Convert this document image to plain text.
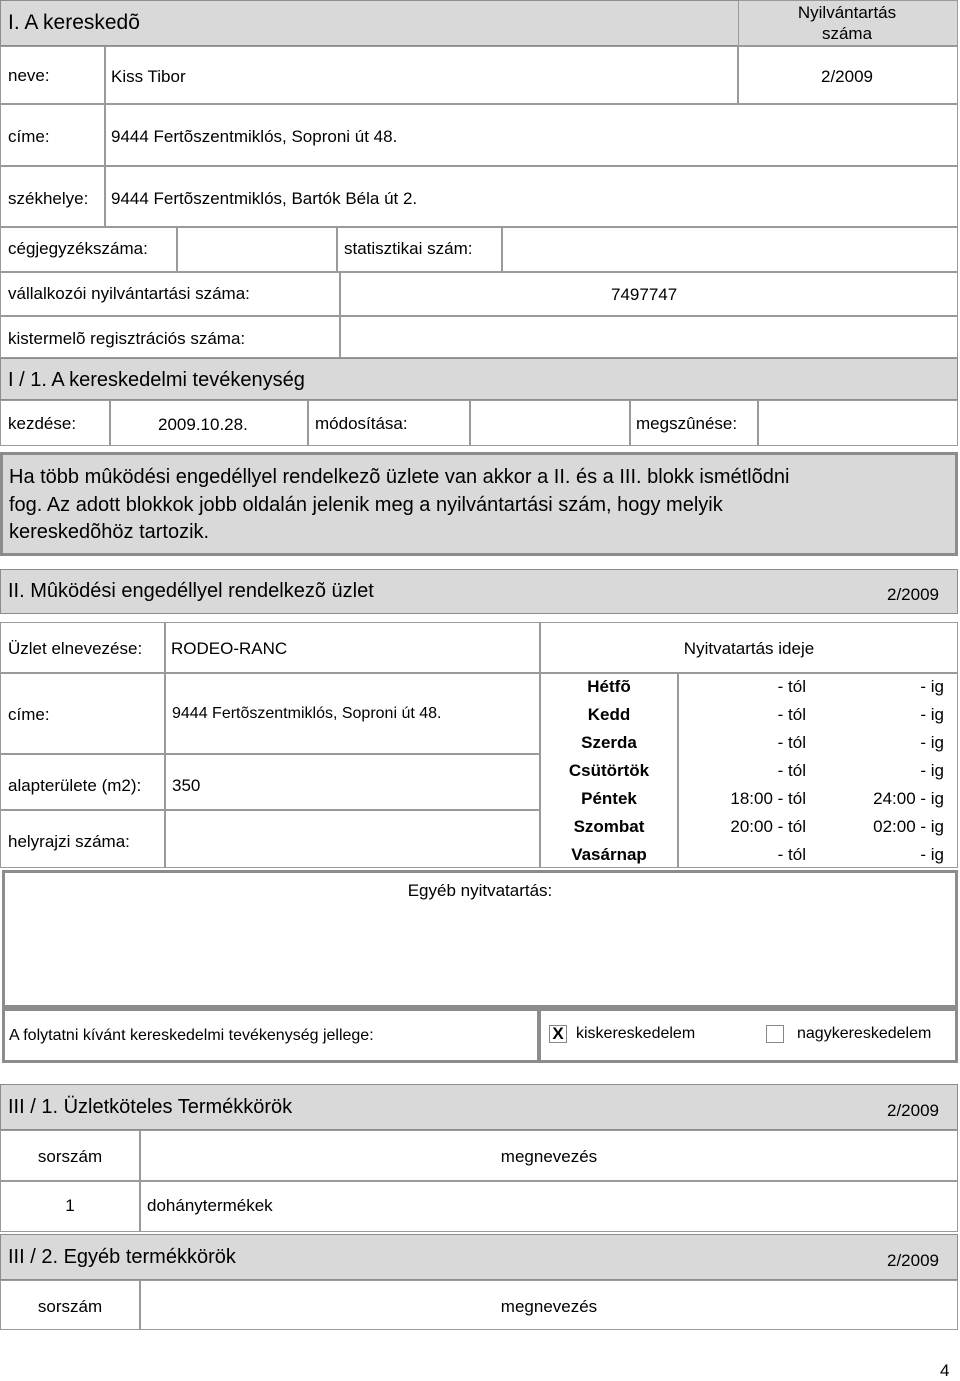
I. A kereskedõ	Nyilvántartás
száma
neve:	Kiss Tibor	2/2009
címe:	9444 Fertõszentmiklós, Soproni út 48.
székhelye: 9444 Fertõszentmiklós, Bartók Béla út 2.
cégjegyzékszáma:	statisztikai szám:
vállalkozói nyilvántartási száma:	7497747
kistermelõ regisztrációs száma:
I / 1. A kereskedelmi tevékenység
kezdése:	2009.10.28.	módosítása:	megszûnése:
Ha több mûködési engedéllyel rendelkezõ üzlete van akkor a II. és a III. blokk ismétlõdni
fog. Az adott blokkok jobb oldalán jelenik meg a nyilvántartási szám, hogy melyik
kereskedõhöz tartozik.
II. Mûködési engedéllyel rendelkezõ üzlet	2/2009
Üzlet elnevezése: RODEO-RANC
címe:	9444 Fertõszentmiklós, Soproni út 48.
alapterülete (m2): 350
helyrajzi száma:
Nyitvatartás ideje
Hétfõ	- tól	- ig
Kedd	- tól	- ig
Szerda	- tól	- ig
Csütörtök	- tól	- ig
Péntek	18:00 - tól	24:00 - ig
Szombat	20:00 - tól	02:00 - ig
Vasárnap	- tól	- ig
Egyéb nyitvatartás:
A folytatni kívánt kereskedelmi tevékenység jellege:	X kiskereskedelem	nagykereskedelem
III / 1. Üzletköteles Termékkörök	2/2009
sorszám	megnevezés
1	dohánytermékek
III / 2. Egyéb termékkörök	2/2009
sorszám	megnevezés
4
